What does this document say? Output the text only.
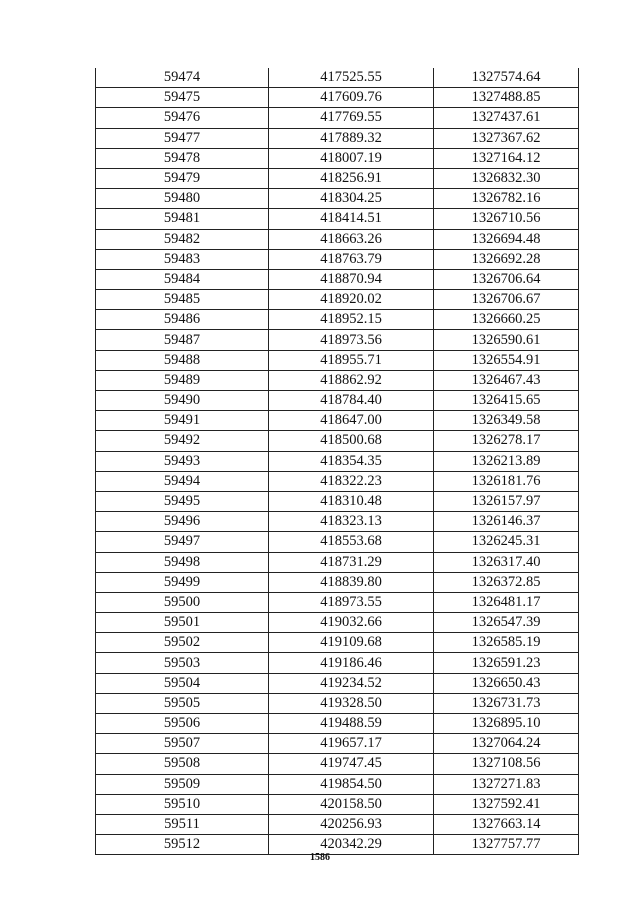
59474	417525.55	1327574.64
59475	417609.76	1327488.85
59476	417769.55	1327437.61
59477	417889.32	1327367.62
59478	418007.19	1327164.12
59479	418256.91	1326832.30
59480	418304.25	1326782.16
59481	418414.51	1326710.56
59482	418663.26	1326694.48
59483	418763.79	1326692.28
59484	418870.94	1326706.64
59485	418920.02	1326706.67
59486	418952.15	1326660.25
59487	418973.56	1326590.61
59488	418955.71	1326554.91
59489	418862.92	1326467.43
59490	418784.40	1326415.65
59491	418647.00	1326349.58
59492	418500.68	1326278.17
59493	418354.35	1326213.89
59494	418322.23	1326181.76
59495	418310.48	1326157.97
59496	418323.13	1326146.37
59497	418553.68	1326245.31
59498	418731.29	1326317.40
59499	418839.80	1326372.85
59500	418973.55	1326481.17
59501	419032.66	1326547.39
59502	419109.68	1326585.19
59503	419186.46	1326591.23
59504	419234.52	1326650.43
59505	419328.50	1326731.73
59506	419488.59	1326895.10
59507	419657.17	1327064.24
59508	419747.45	1327108.56
59509	419854.50	1327271.83
59510	420158.50	1327592.41
59511	420256.93	1327663.14
59512	420342.29	1327757.77
1586
